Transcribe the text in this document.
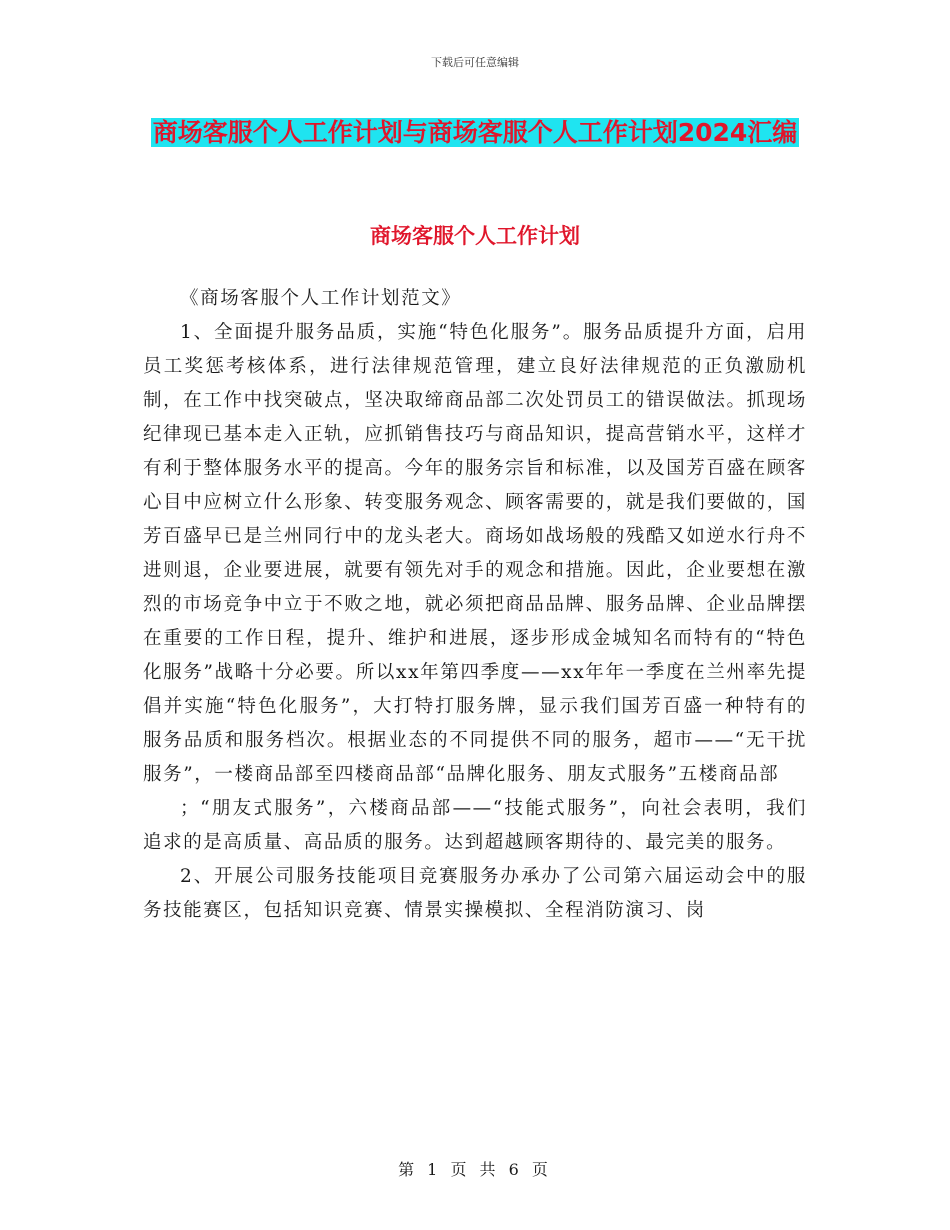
下载后可任意编辑
商场客服个人工作计划与商场客服个人工作计划2024汇编
商场客服个人工作计划

《商场客服个人工作计划范文》

1、全面提升服务品质，实施“特色化服务”。服务品质提升方面，启用员工奖惩考核体系，进行法律规范管理，建立良好法律规范的正负激励机制，在工作中找突破点，坚决取缔商品部二次处罚员工的错误做法。抓现场纪律现已基本走入正轨，应抓销售技巧与商品知识，提高营销水平，这样才有利于整体服务水平的提高。今年的服务宗旨和标准，以及国芳百盛在顾客心目中应树立什么形象、转变服务观念、顾客需要的，就是我们要做的，国芳百盛早已是兰州同行中的龙头老大。商场如战场般的残酷又如逆水行舟不进则退，企业要进展，就要有领先对手的观念和措施。因此，企业要想在激烈的市场竞争中立于不败之地，就必须把商品品牌、服务品牌、企业品牌摆在重要的工作日程，提升、维护和进展，逐步形成金城知名而特有的“特色化服务”战略十分必要。所以xx年第四季度——xx年年一季度在兰州率先提倡并实施“特色化服务”，大打特打服务牌，显示我们国芳百盛一种特有的服务品质和服务档次。根据业态的不同提供不同的服务，超市——“无干扰服务”，一楼商品部至四楼商品部“品牌化服务、朋友式服务”五楼商品部

；“朋友式服务”，六楼商品部——“技能式服务”，向社会表明，我们追求的是高质量、高品质的服务。达到超越顾客期待的、最完美的服务。

2、开展公司服务技能项目竞赛服务办承办了公司第六届运动会中的服务技能赛区，包括知识竞赛、情景实操模拟、全程消防演习、岗

第 1 页 共 6 页
